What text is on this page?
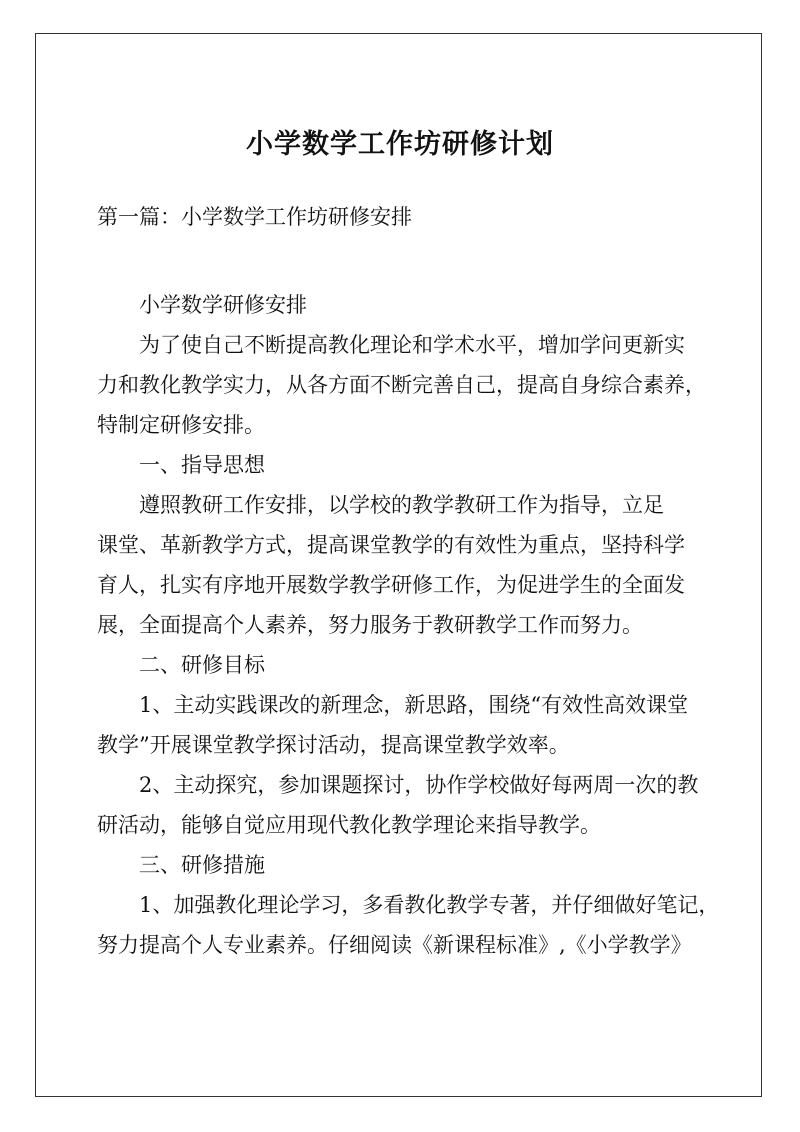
小学数学工作坊研修计划
第一篇：小学数学工作坊研修安排

小学数学研修安排

为了使自己不断提高教化理论和学术水平，增加学问更新实
力和教化教学实力，从各方面不断完善自己，提高自身综合素养，
特制定研修安排。

一、指导思想

遵照教研工作安排，以学校的教学教研工作为指导，立足
课堂、革新教学方式，提高课堂教学的有效性为重点，坚持科学
育人，扎实有序地开展数学教学研修工作，为促进学生的全面发
展，全面提高个人素养，努力服务于教研教学工作而努力。

二、研修目标

1、主动实践课改的新理念，新思路，围绕“有效性高效课堂
教学”开展课堂教学探讨活动，提高课堂教学效率。

2、主动探究，参加课题探讨，协作学校做好每两周一次的教
研活动，能够自觉应用现代教化教学理论来指导教学。

三、研修措施

1、加强教化理论学习，多看教化教学专著，并仔细做好笔记，
努力提高个人专业素养。仔细阅读《新课程标准》,《小学教学》
